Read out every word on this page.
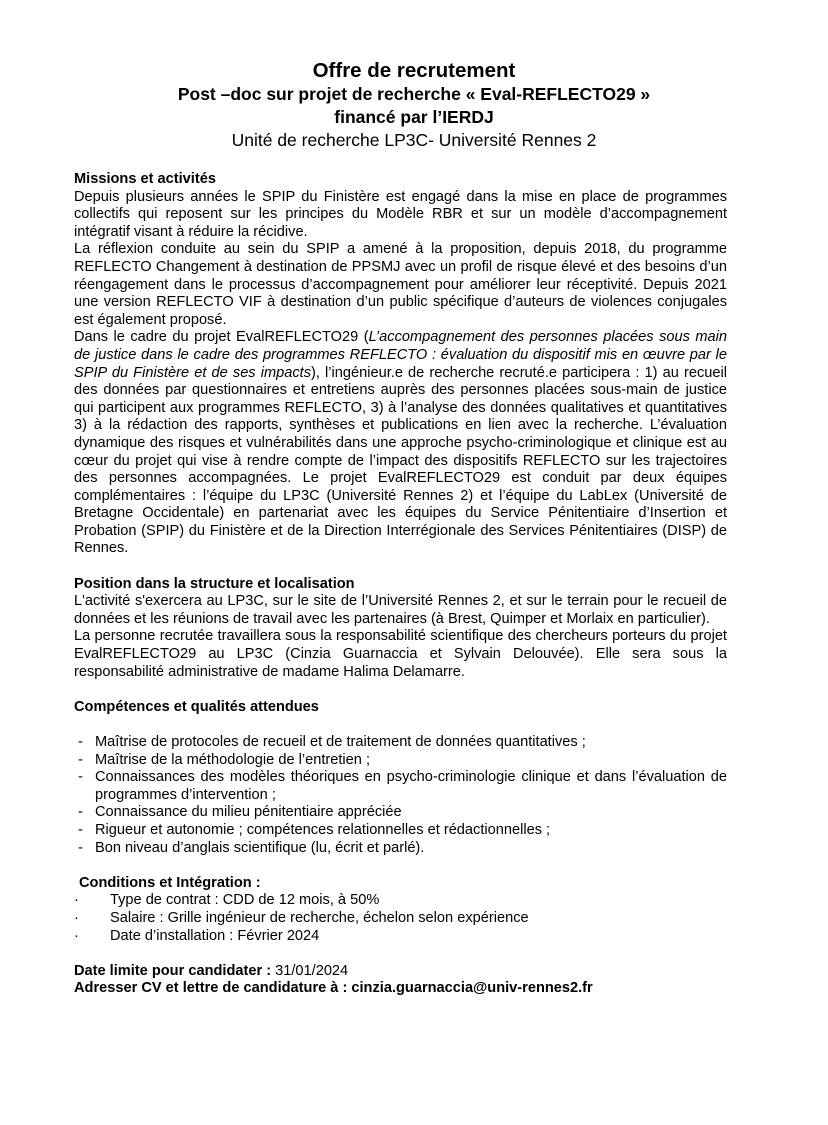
Offre de recrutement
Post –doc sur projet de recherche « Eval-REFLECTO29 »
financé par l’IERDJ
Unité de recherche LP3C- Université Rennes 2
Missions et activités
Depuis plusieurs années le SPIP du Finistère est engagé dans la mise en place de programmes collectifs qui reposent sur les principes du Modèle RBR et sur un modèle d’accompagnement intégratif visant à réduire la récidive.
La réflexion conduite au sein du SPIP a amené à la proposition, depuis 2018, du programme REFLECTO Changement à destination de PPSMJ avec un profil de risque élevé et des besoins d’un réengagement dans le processus d’accompagnement pour améliorer leur réceptivité. Depuis 2021 une version REFLECTO VIF à destination d’un public spécifique d’auteurs de violences conjugales est également proposé.
Dans le cadre du projet EvalREFLECTO29 (L’accompagnement des personnes placées sous main de justice dans le cadre des programmes REFLECTO : évaluation du dispositif mis en œuvre par le SPIP du Finistère et de ses impacts), l’ingénieur.e de recherche recruté.e participera : 1) au recueil des données par questionnaires et entretiens auprès des personnes placées sous-main de justice qui participent aux programmes REFLECTO, 3) à l’analyse des données qualitatives et quantitatives 3) à la rédaction des rapports, synthèses et publications en lien avec la recherche. L’évaluation dynamique des risques et vulnérabilités dans une approche psycho-criminologique et clinique est au cœur du projet qui vise à rendre compte de l’impact des dispositifs REFLECTO sur les trajectoires des personnes accompagnées. Le projet EvalREFLECTO29 est conduit par deux équipes complémentaires : l’équipe du LP3C (Université Rennes 2) et l’équipe du LabLex (Université de Bretagne Occidentale) en partenariat avec les équipes du Service Pénitentiaire d’Insertion et Probation (SPIP) du Finistère et de la Direction Interrégionale des Services Pénitentiaires (DISP) de Rennes.
Position dans la structure et localisation
L'activité s'exercera au LP3C, sur le site de l’Université Rennes 2, et sur le terrain pour le recueil de données et les réunions de travail avec les partenaires (à Brest, Quimper et Morlaix en particulier).
La personne recrutée travaillera sous la responsabilité scientifique des chercheurs porteurs du projet EvalREFLECTO29 au LP3C (Cinzia Guarnaccia et Sylvain Delouvée). Elle sera sous la responsabilité administrative de madame Halima Delamarre.
Compétences et qualités attendues
- Maîtrise de protocoles de recueil et de traitement de données quantitatives ;
- Maîtrise de la méthodologie de l’entretien ;
- Connaissances des modèles théoriques en psycho-criminologie clinique et dans l’évaluation de programmes d’intervention ;
- Connaissance du milieu pénitentiaire appréciée
- Rigueur et autonomie ; compétences relationnelles et rédactionnelles ;
- Bon niveau d’anglais scientifique (lu, écrit et parlé).
Conditions et Intégration :
· Type de contrat : CDD de 12 mois, à 50%
· Salaire : Grille ingénieur de recherche, échelon selon expérience
· Date d’installation : Février 2024
Date limite pour candidater : 31/01/2024
Adresser CV et lettre de candidature à : cinzia.guarnaccia@univ-rennes2.fr
